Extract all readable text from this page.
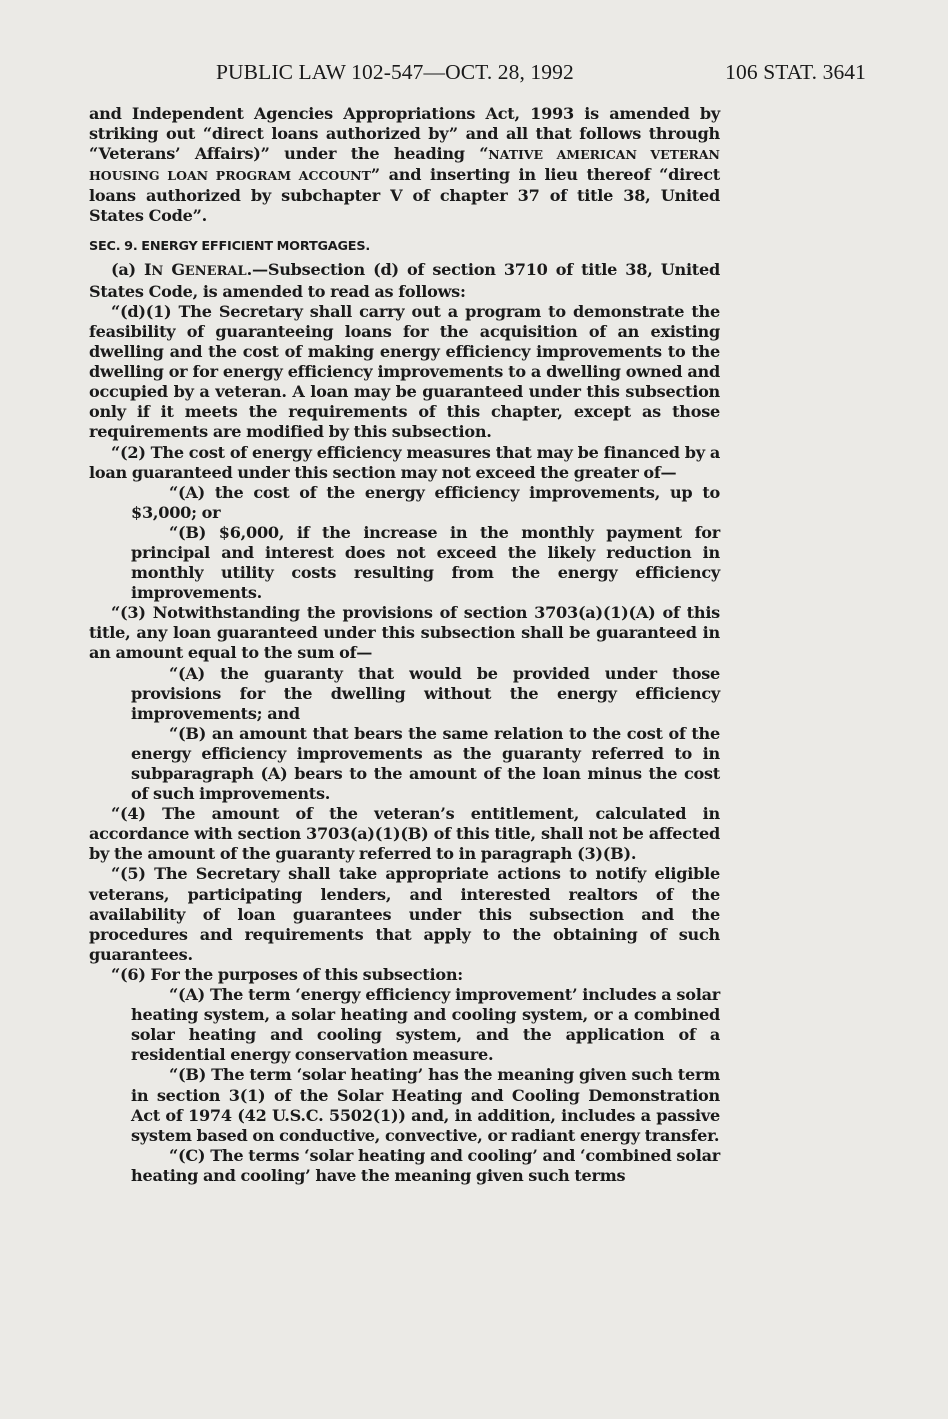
PUBLIC LAW 102-547—OCT. 28, 1992	106 STAT. 3641

and Independent Agencies Appropriations Act, 1993 is amended by striking out “direct loans authorized by” and all that follows through “Veterans’ Affairs)” under the heading “NATIVE AMERICAN VETERAN HOUSING LOAN PROGRAM ACCOUNT” and inserting in lieu thereof “direct loans authorized by subchapter V of chapter 37 of title 38, United States Code”.

SEC. 9. ENERGY EFFICIENT MORTGAGES.

(a) IN GENERAL.—Subsection (d) of section 3710 of title 38, United States Code, is amended to read as follows:

“(d)(1) The Secretary shall carry out a program to demonstrate the feasibility of guaranteeing loans for the acquisition of an existing dwelling and the cost of making energy efficiency improvements to the dwelling or for energy efficiency improvements to a dwelling owned and occupied by a veteran. A loan may be guaranteed under this subsection only if it meets the requirements of this chapter, except as those requirements are modified by this subsection.

“(2) The cost of energy efficiency measures that may be financed by a loan guaranteed under this section may not exceed the greater of—

“(A) the cost of the energy efficiency improvements, up to $3,000; or

“(B) $6,000, if the increase in the monthly payment for principal and interest does not exceed the likely reduction in monthly utility costs resulting from the energy efficiency improvements.

“(3) Notwithstanding the provisions of section 3703(a)(1)(A) of this title, any loan guaranteed under this subsection shall be guaranteed in an amount equal to the sum of—

“(A) the guaranty that would be provided under those provisions for the dwelling without the energy efficiency improvements; and

“(B) an amount that bears the same relation to the cost of the energy efficiency improvements as the guaranty referred to in subparagraph (A) bears to the amount of the loan minus the cost of such improvements.

“(4) The amount of the veteran’s entitlement, calculated in accordance with section 3703(a)(1)(B) of this title, shall not be affected by the amount of the guaranty referred to in paragraph (3)(B).

“(5) The Secretary shall take appropriate actions to notify eligible veterans, participating lenders, and interested realtors of the availability of loan guarantees under this subsection and the procedures and requirements that apply to the obtaining of such guarantees.

“(6) For the purposes of this subsection:

“(A) The term ‘energy efficiency improvement’ includes a solar heating system, a solar heating and cooling system, or a combined solar heating and cooling system, and the application of a residential energy conservation measure.

“(B) The term ‘solar heating’ has the meaning given such term in section 3(1) of the Solar Heating and Cooling Demonstration Act of 1974 (42 U.S.C. 5502(1)) and, in addition, includes a passive system based on conductive, convective, or radiant energy transfer.

“(C) The terms ‘solar heating and cooling’ and ‘combined solar heating and cooling’ have the meaning given such terms
